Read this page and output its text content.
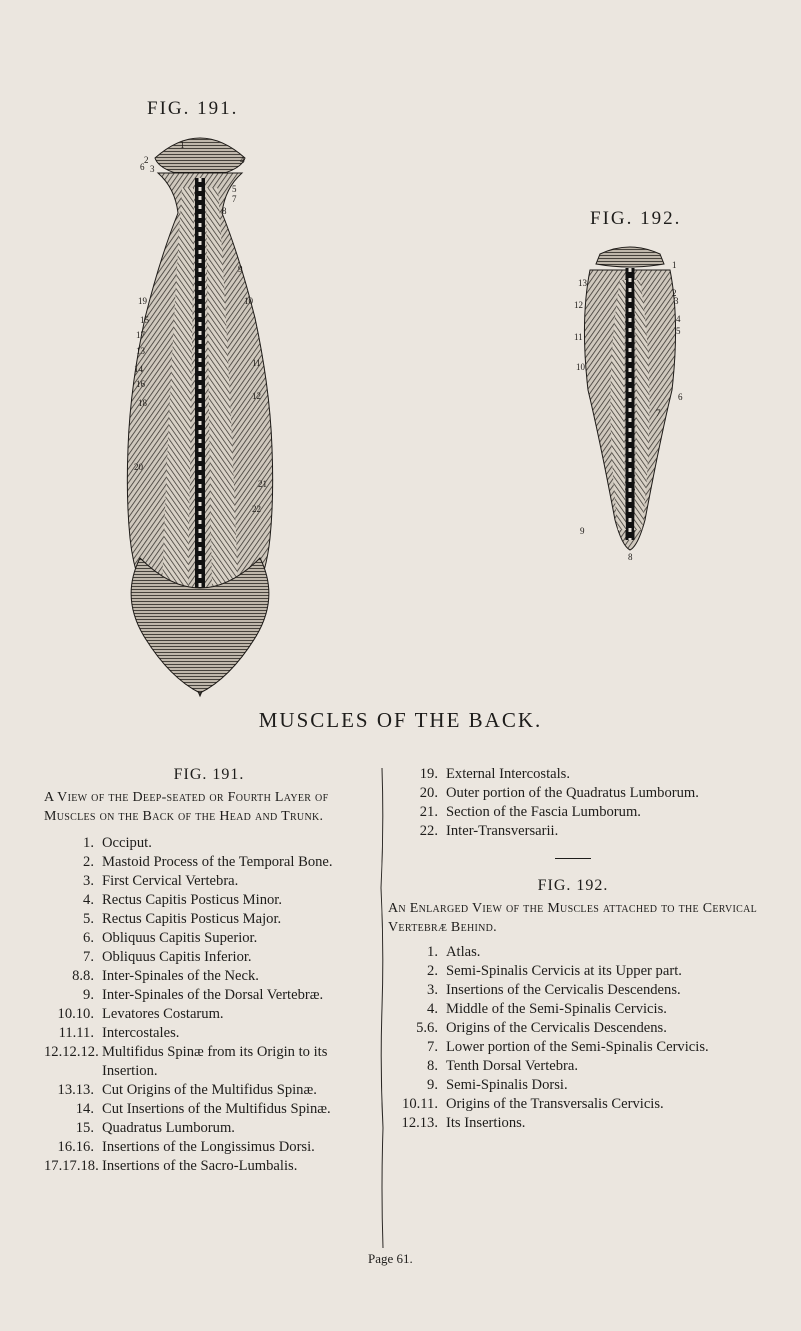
FIG. 191.
FIG. 192.
1
2
3
4
5
6
7
8
9
10
11
12
13
14
15
16
17
18
19
20
21
22
1
2
3
4
5
6
7
8
9
10
11
12
13
MUSCLES OF THE BACK.
FIG. 191.
A View of the Deep-seated or Fourth Layer of Muscles on the Back of the Head and Trunk.
1. Occiput.
2. Mastoid Process of the Temporal Bone.
3. First Cervical Vertebra.
4. Rectus Capitis Posticus Minor.
5. Rectus Capitis Posticus Major.
6. Obliquus Capitis Superior.
7. Obliquus Capitis Inferior.
8.8. Inter-Spinales of the Neck.
9. Inter-Spinales of the Dorsal Vertebræ.
10.10. Levatores Costarum.
11.11. Intercostales.
12.12.12. Multifidus Spinæ from its Origin to its Insertion.
13.13. Cut Origins of the Multifidus Spinæ.
14. Cut Insertions of the Multifidus Spinæ.
15. Quadratus Lumborum.
16.16. Insertions of the Longissimus Dorsi.
17.17.18. Insertions of the Sacro-Lumbalis.
19. External Intercostals.
20. Outer portion of the Quadratus Lumborum.
21. Section of the Fascia Lumborum.
22. Inter-Transversarii.
FIG. 192.
An Enlarged View of the Muscles attached to the Cervical Vertebræ Behind.
1. Atlas.
2. Semi-Spinalis Cervicis at its Upper part.
3. Insertions of the Cervicalis Descendens.
4. Middle of the Semi-Spinalis Cervicis.
5.6. Origins of the Cervicalis Descendens.
7. Lower portion of the Semi-Spinalis Cervicis.
8. Tenth Dorsal Vertebra.
9. Semi-Spinalis Dorsi.
10.11. Origins of the Transversalis Cervicis.
12.13. Its Insertions.
Page 61.
